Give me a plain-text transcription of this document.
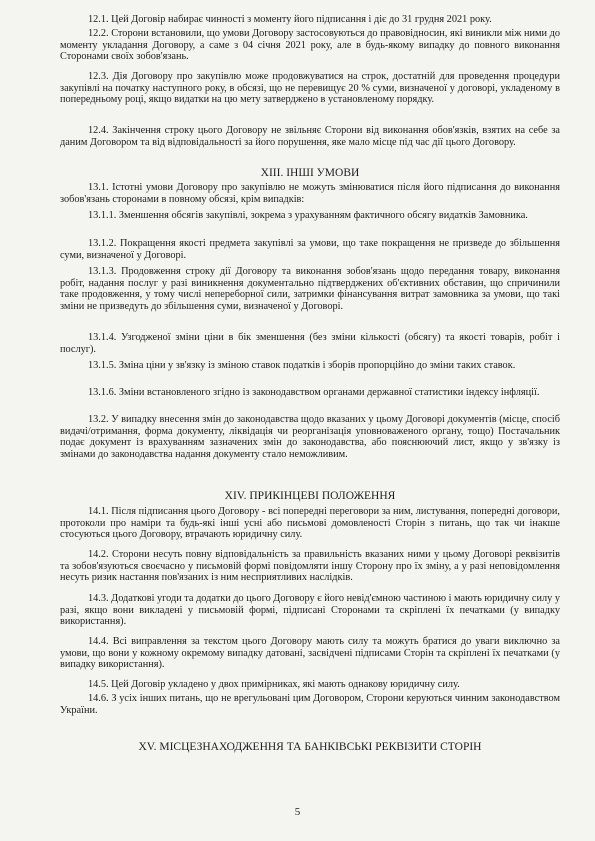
12.1. Цей Договір набирає чинності з моменту його підписання і діє до 31 грудня 2021 року.

12.2. Сторони встановили, що умови Договору застосовуються до правовідносин, які виникли між ними до моменту укладання Договору, а саме з 04 січня 2021 року, але в будь-якому випадку до повного виконання Сторонами своїх зобов'язань.

12.3. Дія Договору про закупівлю може продовжуватися на строк, достатній для проведення процедури закупівлі на початку наступного року, в обсязі, що не перевищує 20 % суми, визначеної у договорі, укладеному в попередньому році, якщо видатки на цю мету затверджено в установленому порядку.

12.4. Закінчення строку цього Договору не звільняє Сторони від виконання обов'язків, взятих на себе за даним Договором та від відповідальності за його порушення, яке мало місце під час дії цього Договору.

XIII. ІНШІ УМОВИ

13.1. Істотні умови Договору про закупівлю не можуть змінюватися після його підписання до виконання зобов'язань сторонами в повному обсязі, крім випадків:

13.1.1. Зменшення обсягів закупівлі, зокрема з урахуванням фактичного обсягу видатків Замовника.

13.1.2. Покращення якості предмета закупівлі за умови, що таке покращення не призведе до збільшення суми, визначеної у Договорі.

13.1.3. Продовження строку дії Договору та виконання зобов'язань щодо передання товару, виконання робіт, надання послуг у разі виникнення документально підтверджених об'єктивних обставин, що спричинили таке продовження, у тому числі непереборної сили, затримки фінансування витрат замовника за умови, що такі зміни не призведуть до збільшення суми, визначеної у Договорі.

13.1.4. Узгодженої зміни ціни в бік зменшення (без зміни кількості (обсягу) та якості товарів, робіт і послуг).

13.1.5. Зміна ціни у зв'язку із зміною ставок податків і зборів пропорційно до зміни таких ставок.

13.1.6. Зміни встановленого згідно із законодавством органами державної статистики індексу інфляції.

13.2. У випадку внесення змін до законодавства щодо вказаних у цьому Договорі документів (місце, спосіб видачі/отримання, форма документу, ліквідація чи реорганізація уповноваженого органу, тощо) Постачальник подає документ із врахуванням зазначених змін до законодавства, або пояснюючий лист, якщо у зв'язку із змінами до законодавства надання документу стало неможливим.

XIV. ПРИКІНЦЕВІ ПОЛОЖЕННЯ

14.1. Після підписання цього Договору - всі попередні переговори за ним, листування, попередні договори, протоколи про наміри та будь-які інші усні або письмові домовленості Сторін з питань, що так чи інакше стосуються цього Договору, втрачають юридичну силу.

14.2. Сторони несуть повну відповідальність за правильність вказаних ними у цьому Договорі реквізитів та зобов'язуються своєчасно у письмовій формі повідомляти іншу Сторону про їх зміну, а у разі неповідомлення несуть ризик настання пов'язаних із ним несприятливих наслідків.

14.3. Додаткові угоди та додатки до цього Договору є його невід'ємною частиною і мають юридичну силу у разі, якщо вони викладені у письмовій формі, підписані Сторонами та скріплені їх печатками (у випадку використання).

14.4. Всі виправлення за текстом цього Договору мають силу та можуть братися до уваги виключно за умови, що вони у кожному окремому випадку датовані, засвідчені підписами Сторін та скріплені їх печатками (у випадку використання).

14.5. Цей Договір укладено у двох примірниках, які мають однакову юридичну силу.

14.6. З усіх інших питань, що не врегульовані цим Договором, Сторони керуються чинним законодавством України.

XV. МІСЦЕЗНАХОДЖЕННЯ ТА БАНКІВСЬКІ РЕКВІЗИТИ СТОРІН
5
